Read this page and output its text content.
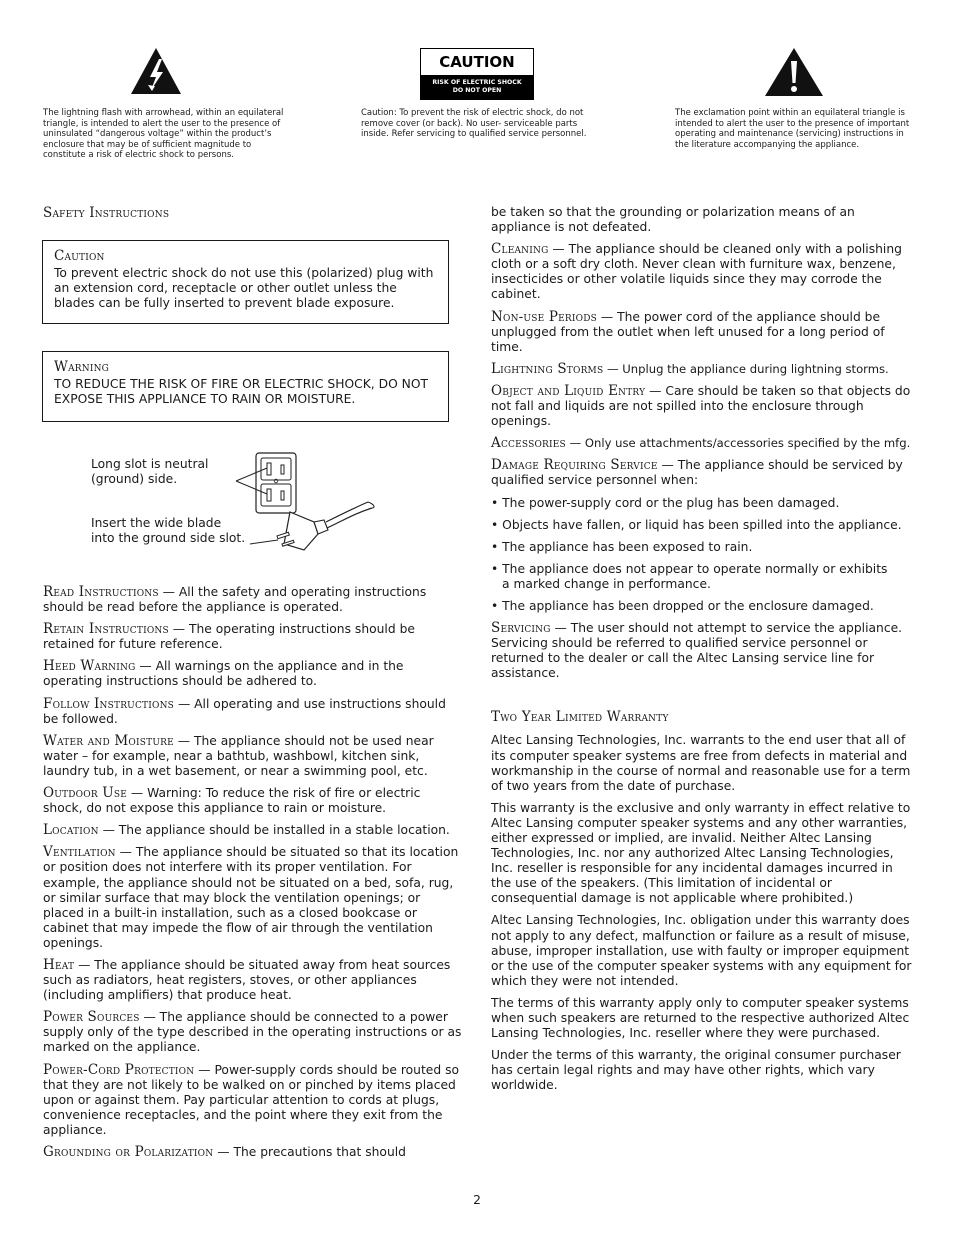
The lightning flash with arrowhead, within an equilateral triangle, is intended to alert the user to the presence of uninsulated “dangerous voltage” within the product’s enclosure that may be of sufficient magnitude to constitute a risk of electric shock to persons.
CAUTION
RISK OF ELECTRIC SHOCK
DO NOT OPEN
Caution: To prevent the risk of electric shock, do not remove cover (or back). No user- serviceable parts inside. Refer servicing to qualified service personnel.
The exclamation point within an equilateral triangle is intended to alert the user to the presence of important operating and maintenance (servicing) instructions in the literature accompanying the appliance.
Safety Instructions
Caution
To prevent electric shock do not use this (polarized) plug with an extension cord, receptacle or other outlet unless the blades can be fully inserted to prevent blade exposure.
Warning
TO REDUCE THE RISK OF FIRE OR ELECTRIC SHOCK, DO NOT EXPOSE THIS APPLIANCE TO RAIN OR MOISTURE.
Long slot is neutral (ground) side.
Insert the wide blade into the ground side slot.

Read Instructions — All the safety and operating instructions should be read before the appliance is operated.

Retain Instructions — The operating instructions should be retained for future reference.

Heed Warning — All warnings on the appliance and in the operating instructions should be adhered to.

Follow Instructions — All operating and use instructions should be followed.

Water and Moisture — The appliance should not be used near water – for example, near a bathtub, washbowl, kitchen sink, laundry tub, in a wet basement, or near a swimming pool, etc.

Outdoor Use — Warning: To reduce the risk of fire or electric shock, do not expose this appliance to rain or moisture.

Location — The appliance should be installed in a stable location.

Ventilation — The appliance should be situated so that its location or position does not interfere with its proper ventilation. For example, the appliance should not be situated on a bed, sofa, rug, or similar surface that may block the ventilation openings; or placed in a built-in installation, such as a closed bookcase or cabinet that may impede the flow of air through the ventilation openings.

Heat — The appliance should be situated away from heat sources such as radiators, heat registers, stoves, or other appliances (including amplifiers) that produce heat.

Power Sources — The appliance should be connected to a power supply only of the type described in the operating instructions or as marked on the appliance.

Power-Cord Protection — Power-supply cords should be routed so that they are not likely to be walked on or pinched by items placed upon or against them. Pay particular attention to cords at plugs, convenience receptacles, and the point where they exit from the appliance.

Grounding or Polarization — The precautions that should

be taken so that the grounding or polarization means of an appliance is not defeated.

Cleaning — The appliance should be cleaned only with a polishing cloth or a soft dry cloth. Never clean with furniture wax, benzene, insecticides or other volatile liquids since they may corrode the cabinet.

Non-use Periods — The power cord of the appliance should be unplugged from the outlet when left unused for a long period of time.

Lightning Storms — Unplug the appliance during lightning storms.

Object and Liquid Entry — Care should be taken so that objects do not fall and liquids are not spilled into the enclosure through openings.

Accessories — Only use attachments/accessories specified by the mfg.

Damage Requiring Service — The appliance should be serviced by qualified service personnel when:

• The power-supply cord or the plug has been damaged.

• Objects have fallen, or liquid has been spilled into the appliance.

• The appliance has been exposed to rain.

• The appliance does not appear to operate normally or exhibits

a marked change in performance.

• The appliance has been dropped or the enclosure damaged.

Servicing — The user should not attempt to service the appliance. Servicing should be referred to qualified service personnel or returned to the dealer or call the Altec Lansing service line for assistance.

Two Year Limited Warranty

Altec Lansing Technologies, Inc. warrants to the end user that all of its computer speaker systems are free from defects in material and workmanship in the course of normal and reasonable use for a term of two years from the date of purchase.

This warranty is the exclusive and only warranty in effect relative to Altec Lansing computer speaker systems and any other warranties, either expressed or implied, are invalid. Neither Altec Lansing Technologies, Inc. nor any authorized Altec Lansing Technologies, Inc. reseller is responsible for any incidental damages incurred in the use of the speakers. (This limitation of incidental or consequential damage is not applicable where prohibited.)

Altec Lansing Technologies, Inc. obligation under this warranty does not apply to any defect, malfunction or failure as a result of misuse, abuse, improper installation, use with faulty or improper equipment or the use of the computer speaker systems with any equipment for which they were not intended.

The terms of this warranty apply only to computer speaker systems when such speakers are returned to the respective authorized Altec Lansing Technologies, Inc. reseller where they were purchased.

Under the terms of this warranty, the original consumer purchaser has certain legal rights and may have other rights, which vary worldwide.

2
